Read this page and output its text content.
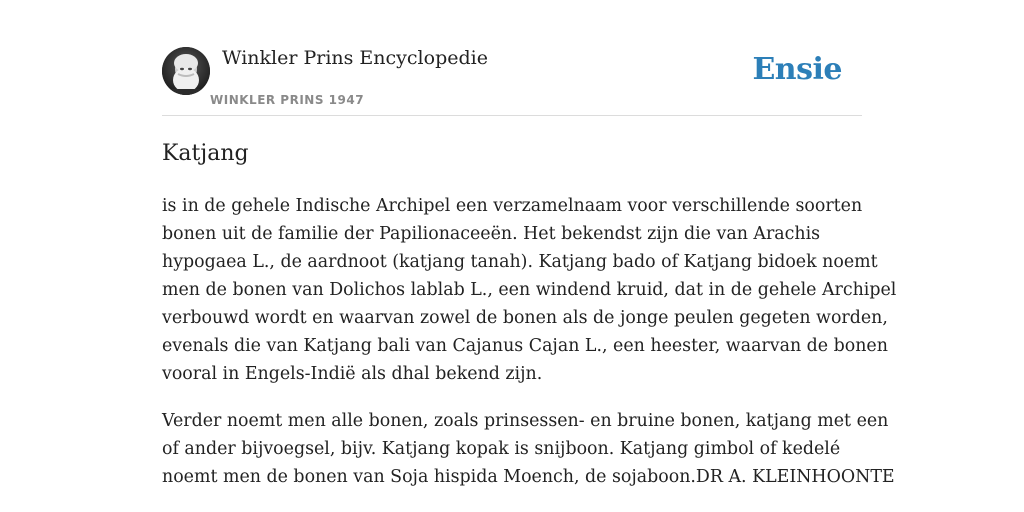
Winkler Prins Encyclopedie
WINKLER PRINS 1947
Ensie
Katjang

is in de gehele Indische Archipel een verzamelnaam voor verschillende soorten
bonen uit de familie der Papilionaceeën. Het bekendst zijn die van Arachis
hypogaea L., de aardnoot (katjang tanah). Katjang bado of Katjang bidoek noemt
men de bonen van Dolichos lablab L., een windend kruid, dat in de gehele Archipel
verbouwd wordt en waarvan zowel de bonen als de jonge peulen gegeten worden,
evenals die van Katjang bali van Cajanus Cajan L., een heester, waarvan de bonen
vooral in Engels-Indië als dhal bekend zijn.

Verder noemt men alle bonen, zoals prinsessen- en bruine bonen, katjang met een
of ander bijvoegsel, bijv. Katjang kopak is snijboon. Katjang gimbol of kedelé
noemt men de bonen van Soja hispida Moench, de sojaboon.DR A. KLEINHOONTE
